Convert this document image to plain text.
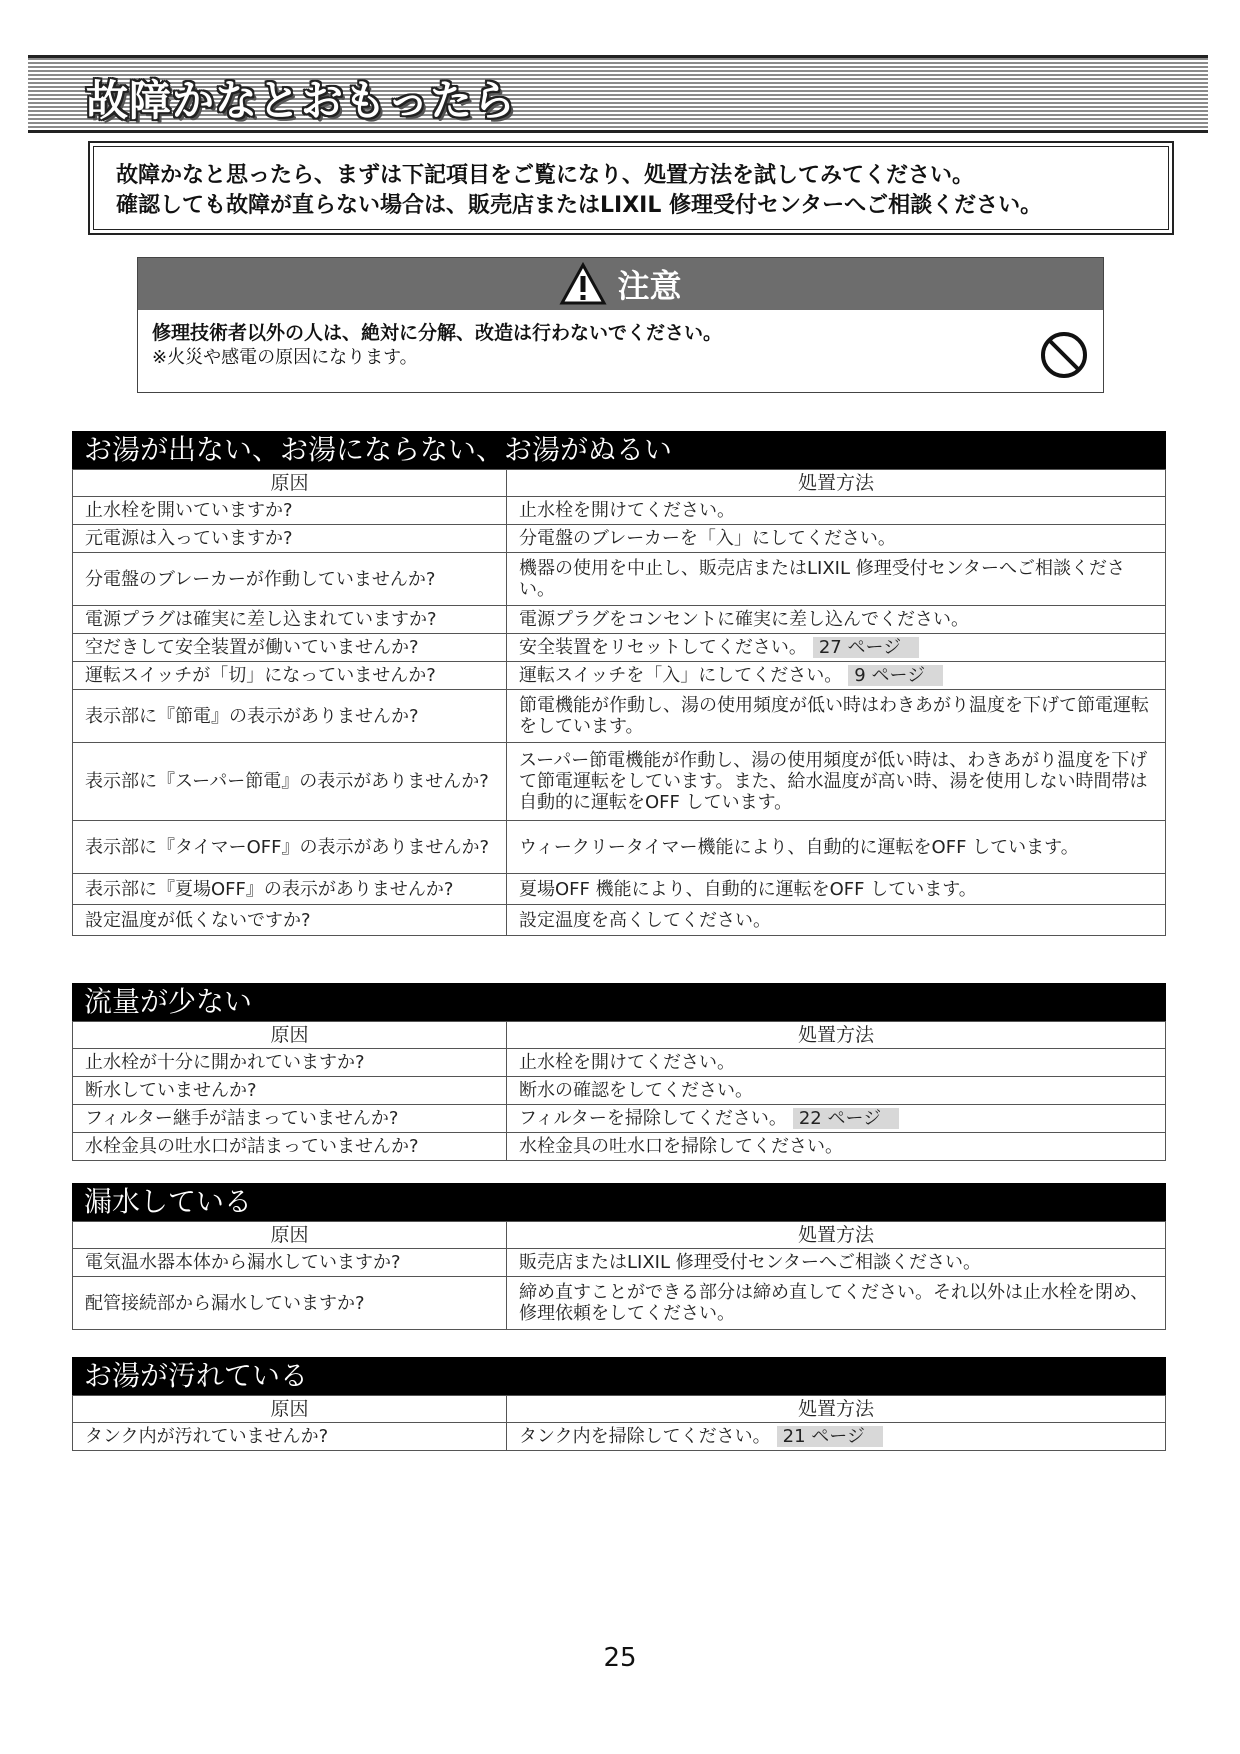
故障かなとおもったら
故障かなと思ったら、まずは下記項目をご覧になり、処置方法を試してみてください。
確認しても故障が直らない場合は、販売店またはLIXIL 修理受付センターへご相談ください。
注意
修理技術者以外の人は、絶対に分解、改造は行わないでください。
※火災や感電の原因になります。
お湯が出ない、お湯にならない、お湯がぬるい
原因	処置方法
止水栓を開いていますか?	止水栓を開けてください。
元電源は入っていますか?	分電盤のブレーカーを「入」にしてください。
分電盤のブレーカーが作動していませんか?	機器の使用を中止し、販売店またはLIXIL 修理受付センターへご相談ください。
電源プラグは確実に差し込まれていますか?	電源プラグをコンセントに確実に差し込んでください。
空だきして安全装置が働いていませんか?	安全装置をリセットしてください。 27 ページ
運転スイッチが「切」になっていませんか?	運転スイッチを「入」にしてください。 9 ページ
表示部に『節電』の表示がありませんか?	節電機能が作動し、湯の使用頻度が低い時はわきあがり温度を下げて節電運転をしています。
表示部に『スーパー節電』の表示がありませんか?	スーパー節電機能が作動し、湯の使用頻度が低い時は、わきあがり温度を下げて節電運転をしています。また、給水温度が高い時、湯を使用しない時間帯は自動的に運転をOFF しています。
表示部に『タイマーOFF』の表示がありませんか?	ウィークリータイマー機能により、自動的に運転をOFF しています。
表示部に『夏場OFF』の表示がありませんか?	夏場OFF 機能により、自動的に運転をOFF しています。
設定温度が低くないですか?	設定温度を高くしてください。
流量が少ない
原因	処置方法
止水栓が十分に開かれていますか?	止水栓を開けてください。
断水していませんか?	断水の確認をしてください。
フィルター継手が詰まっていませんか?	フィルターを掃除してください。 22 ページ
水栓金具の吐水口が詰まっていませんか?	水栓金具の吐水口を掃除してください。
漏水している
原因	処置方法
電気温水器本体から漏水していますか?	販売店またはLIXIL 修理受付センターへご相談ください。
配管接続部から漏水していますか?	締め直すことができる部分は締め直してください。それ以外は止水栓を閉め、修理依頼をしてください。
お湯が汚れている
原因	処置方法
タンク内が汚れていませんか?	タンク内を掃除してください。 21 ページ
25
